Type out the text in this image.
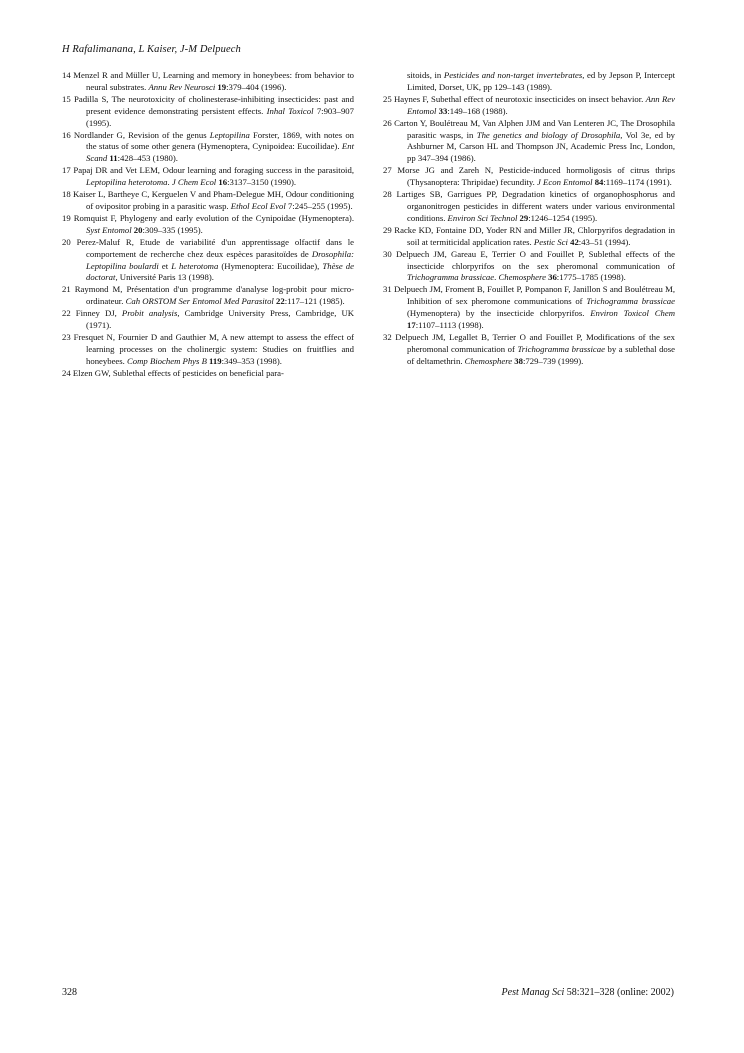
H Rafalimanana, L Kaiser, J-M Delpuech
14 Menzel R and Müller U, Learning and memory in honeybees: from behavior to neural substrates. Annu Rev Neurosci 19:379–404 (1996).
15 Padilla S, The neurotoxicity of cholinesterase-inhibiting insecticides: past and present evidence demonstrating persistent effects. Inhal Toxicol 7:903–907 (1995).
16 Nordlander G, Revision of the genus Leptopilina Forster, 1869, with notes on the status of some other genera (Hymenoptera, Cynipoidea: Eucoilidae). Ent Scand 11:428–453 (1980).
17 Papaj DR and Vet LEM, Odour learning and foraging success in the parasitoid, Leptopilina heterotoma. J Chem Ecol 16:3137–3150 (1990).
18 Kaiser L, Bartheye C, Kerguelen V and Pham-Delegue MH, Odour conditioning of ovipositor probing in a parasitic wasp. Ethol Ecol Evol 7:245–255 (1995).
19 Romquist F, Phylogeny and early evolution of the Cynipoidae (Hymenoptera). Syst Entomol 20:309–335 (1995).
20 Perez-Maluf R, Etude de variabilité d'un apprentissage olfactif dans le comportement de recherche chez deux espèces parasitoïdes de Drosophila: Leptopilina boulardi et L heterotoma (Hymenoptera: Eucoilidae), Thèse de doctorat, Université Paris 13 (1998).
21 Raymond M, Présentation d'un programme d'analyse log-probit pour micro-ordinateur. Cah ORSTOM Ser Entomol Med Parasitol 22:117–121 (1985).
22 Finney DJ, Probit analysis, Cambridge University Press, Cambridge, UK (1971).
23 Fresquet N, Fournier D and Gauthier M, A new attempt to assess the effect of learning processes on the cholinergic system: Studies on fruitflies and honeybees. Comp Biochem Phys B 119:349–353 (1998).
24 Elzen GW, Sublethal effects of pesticides on beneficial para-
sitoids, in Pesticides and non-target invertebrates, ed by Jepson P, Intercept Limited, Dorset, UK, pp 129–143 (1989).
25 Haynes F, Subethal effect of neurotoxic insecticides on insect behavior. Ann Rev Entomol 33:149–168 (1988).
26 Carton Y, Boulétreau M, Van Alphen JJM and Van Lenteren JC, The Drosophila parasitic wasps, in The genetics and biology of Drosophila, Vol 3e, ed by Ashburner M, Carson HL and Thompson JN, Academic Press Inc, London, pp 347–394 (1986).
27 Morse JG and Zareh N, Pesticide-induced hormoligosis of citrus thrips (Thysanoptera: Thripidae) fecundity. J Econ Entomol 84:1169–1174 (1991).
28 Lartiges SB, Garrigues PP, Degradation kinetics of organophosphorus and organonitrogen pesticides in different waters under various environmental conditions. Environ Sci Technol 29:1246–1254 (1995).
29 Racke KD, Fontaine DD, Yoder RN and Miller JR, Chlorpyrifos degradation in soil at termiticidal application rates. Pestic Sci 42:43–51 (1994).
30 Delpuech JM, Gareau E, Terrier O and Fouillet P, Sublethal effects of the insecticide chlorpyrifos on the sex pheromonal communication of Trichogramma brassicae. Chemosphere 36:1775–1785 (1998).
31 Delpuech JM, Froment B, Fouillet P, Pompanon F, Janillon S and Boulétreau M, Inhibition of sex pheromone communications of Trichogramma brassicae (Hymenoptera) by the insecticide chlorpyrifos. Environ Toxicol Chem 17:1107–1113 (1998).
32 Delpuech JM, Legallet B, Terrier O and Fouillet P, Modifications of the sex pheromonal communication of Trichogramma brassicae by a sublethal dose of deltamethrin. Chemosphere 38:729–739 (1999).
328	Pest Manag Sci 58:321–328 (online: 2002)
